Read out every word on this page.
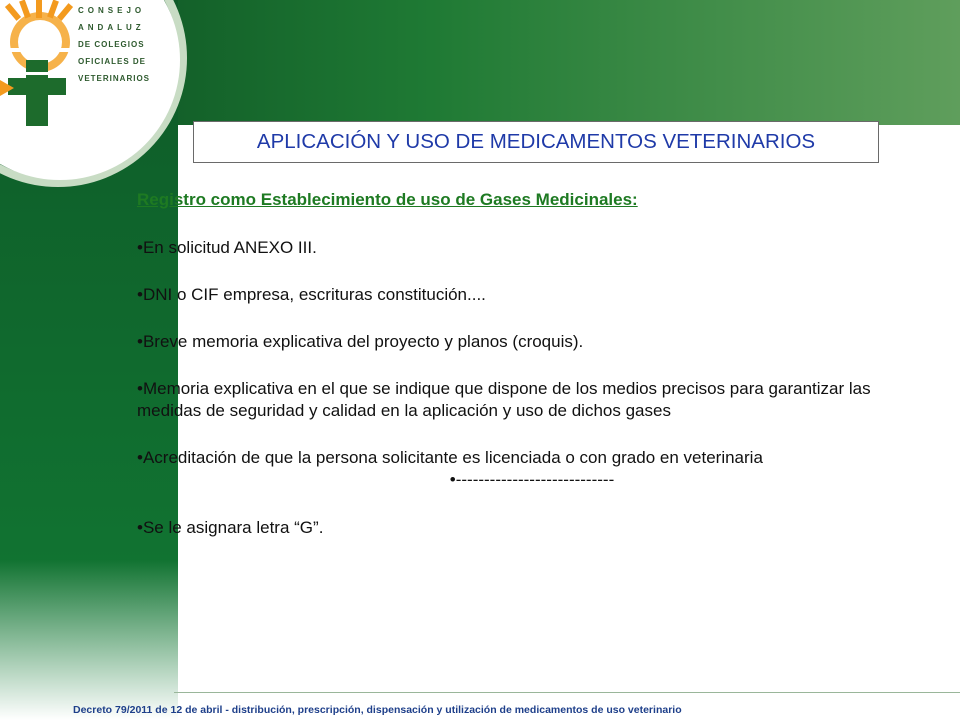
CONSEJO
ANDALUZ
DE COLEGIOS
OFICIALES DE
VETERINARIOS
APLICACIÓN Y USO DE MEDICAMENTOS VETERINARIOS
Registro como Establecimiento de uso de Gases Medicinales:
•En solicitud ANEXO III.
•DNI o CIF empresa, escrituras constitución....
•Breve memoria explicativa del proyecto y planos (croquis).
•Memoria explicativa en el que se indique que dispone de los medios precisos para garantizar las medidas de seguridad y calidad en la aplicación y uso de dichos gases
•Acreditación de que la persona solicitante es licenciada o con grado en veterinaria
•----------------------------
•Se le asignara letra “G”.
Decreto 79/2011 de 12 de abril - distribución, prescripción, dispensación y utilización de medicamentos de uso veterinario
